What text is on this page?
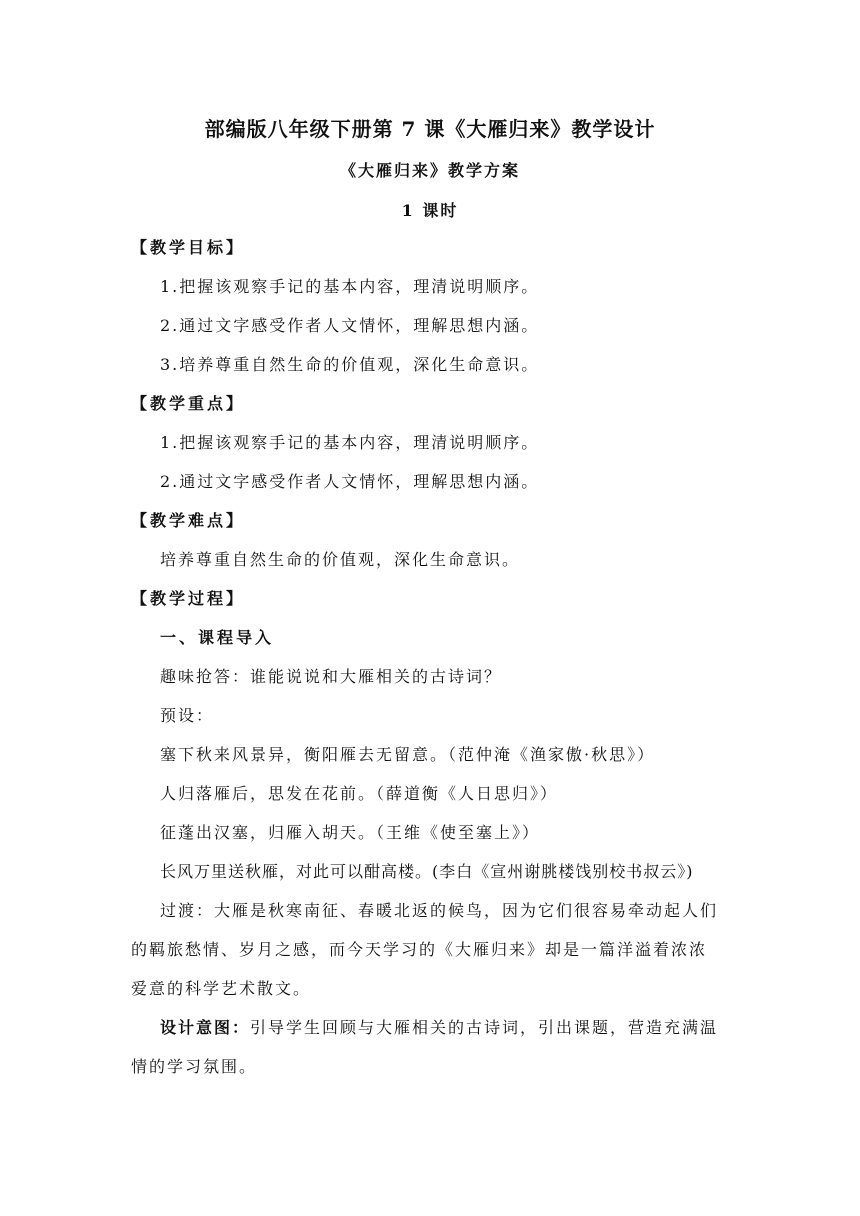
部编版八年级下册第 7 课《大雁归来》教学设计
《大雁归来》教学方案
1 课时
【教学目标】
1.把握该观察手记的基本内容，理清说明顺序。
2.通过文字感受作者人文情怀，理解思想内涵。
3.培养尊重自然生命的价值观，深化生命意识。
【教学重点】
1.把握该观察手记的基本内容，理清说明顺序。
2.通过文字感受作者人文情怀，理解思想内涵。
【教学难点】
培养尊重自然生命的价值观，深化生命意识。
【教学过程】
一、课程导入
趣味抢答：谁能说说和大雁相关的古诗词？
预设：
塞下秋来风景异，衡阳雁去无留意。（范仲淹《渔家傲·秋思》）
人归落雁后，思发在花前。（薛道衡《人日思归》）
征蓬出汉塞，归雁入胡天。（王维《使至塞上》）
长风万里送秋雁，对此可以酣高楼。(李白《宣州谢朓楼饯别校书叔云》)
过渡：大雁是秋寒南征、春暖北返的候鸟，因为它们很容易牵动起人们
的羁旅愁情、岁月之感，而今天学习的《大雁归来》却是一篇洋溢着浓浓
爱意的科学艺术散文。
设计意图：引导学生回顾与大雁相关的古诗词，引出课题，营造充满温
情的学习氛围。
